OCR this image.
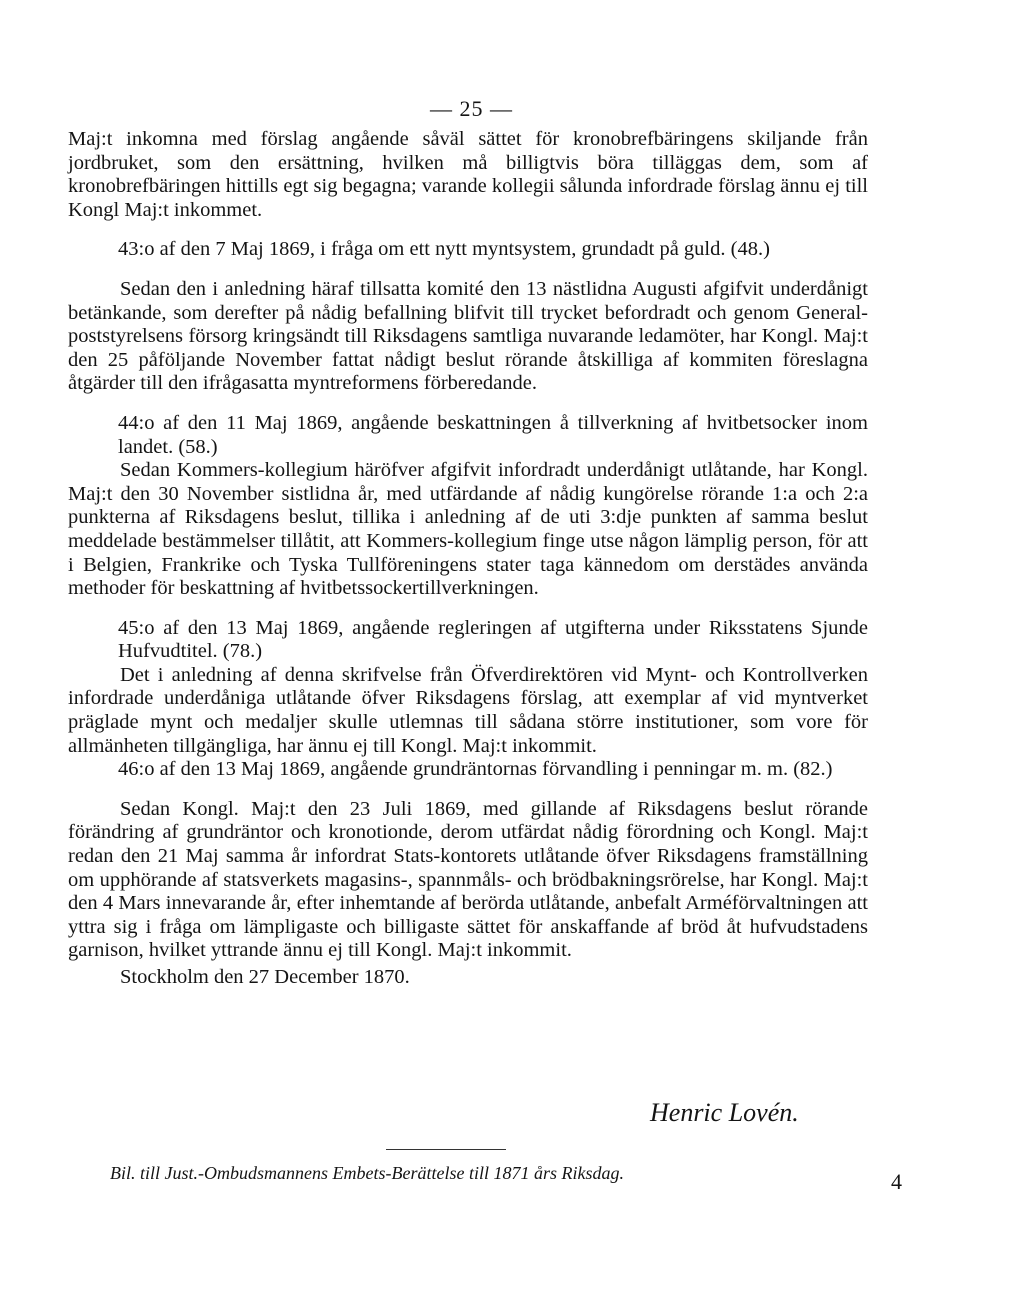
— 25 —

Maj:t inkomna med förslag angående såväl sättet för kronobrefbäringens skiljande från jordbruket, som den ersättning, hvilken må billigtvis böra tilläggas dem, som af kronobrefbäringen hittills egt sig begagna; varande kollegii sålunda infordrade förslag ännu ej till Kongl Maj:t inkommet.

43:o af den 7 Maj 1869, i fråga om ett nytt myntsystem, grundadt på guld. (48.)

Sedan den i anledning häraf tillsatta komité den 13 nästlidna Augusti afgifvit underdånigt betänkande, som derefter på nådig befallning blifvit till trycket befordradt och genom General-poststyrelsens försorg kringsändt till Riksdagens samtliga nuvarande ledamöter, har Kongl. Maj:t den 25 påföljande November fattat nådigt beslut rörande åtskilliga af kommiten föreslagna åtgärder till den ifrågasatta myntreformens förberedande.

44:o af den 11 Maj 1869, angående beskattningen å tillverkning af hvitbetsocker inom landet. (58.)

Sedan Kommers-kollegium häröfver afgifvit infordradt underdånigt utlåtande, har Kongl. Maj:t den 30 November sistlidna år, med utfärdande af nådig kungörelse rörande 1:a och 2:a punkterna af Riksdagens beslut, tillika i anledning af de uti 3:dje punkten af samma beslut meddelade bestämmelser tillåtit, att Kommers-kollegium finge utse någon lämplig person, för att i Belgien, Frankrike och Tyska Tullföreningens stater taga kännedom om derstädes använda methoder för beskattning af hvitbetssockertillverkningen.

45:o af den 13 Maj 1869, angående regleringen af utgifterna under Riksstatens Sjunde Hufvudtitel. (78.)

Det i anledning af denna skrifvelse från Öfverdirektören vid Mynt- och Kontrollverken infordrade underdåniga utlåtande öfver Riksdagens förslag, att exemplar af vid myntverket präglade mynt och medaljer skulle utlemnas till sådana större institutioner, som vore för allmänheten tillgängliga, har ännu ej till Kongl. Maj:t inkommit.

46:o af den 13 Maj 1869, angående grundräntornas förvandling i penningar m. m. (82.)

Sedan Kongl. Maj:t den 23 Juli 1869, med gillande af Riksdagens beslut rörande förändring af grundräntor och kronotionde, derom utfärdat nådig förordning och Kongl. Maj:t redan den 21 Maj samma år infordrat Stats-kontorets utlåtande öfver Riksdagens framställning om upphörande af statsverkets magasins-, spannmåls- och brödbakningsrörelse, har Kongl. Maj:t den 4 Mars innevarande år, efter inhemtande af berörda utlåtande, anbefalt Arméförvaltningen att yttra sig i fråga om lämpligaste och billigaste sättet för anskaffande af bröd åt hufvudstadens garnison, hvilket yttrande ännu ej till Kongl. Maj:t inkommit.

Stockholm den 27 December 1870.
Henric Lovén.
Bil. till Just.-Ombudsmannens Embets-Berättelse till 1871 års Riksdag.	4
